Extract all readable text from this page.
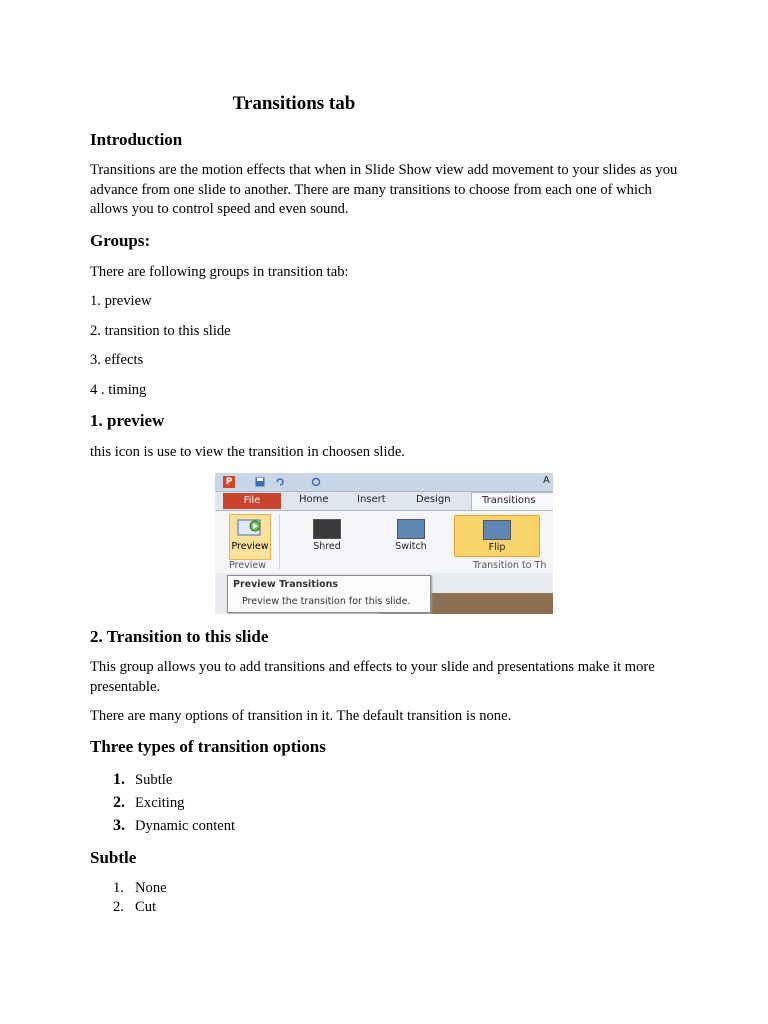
Transitions tab
Introduction

Transitions are the motion effects that when in Slide Show view add movement to your slides as you advance from one slide to another. There are many transitions to choose from each one of which allows you to control speed and even sound.

Groups:

There are following groups in transition tab:

1. preview

2. transition to this slide

3. effects

4 . timing

1. preview

this icon is use to view the transition in choosen slide.

2. Transition to this slide

This group allows you to add transitions and effects to your slide and presentations make it more presentable.

There are many options of transition in it. The default transition is none.

Three types of transition options
1. Subtle
2. Exciting
3. Dynamic content
Subtle
1. None
2. Cut
P	A
File	Home	Insert	Design	Transitions
Preview	Shred	Switch	Flip
Preview	Transition to Th
Preview Transitions
Preview the transition for this slide.
